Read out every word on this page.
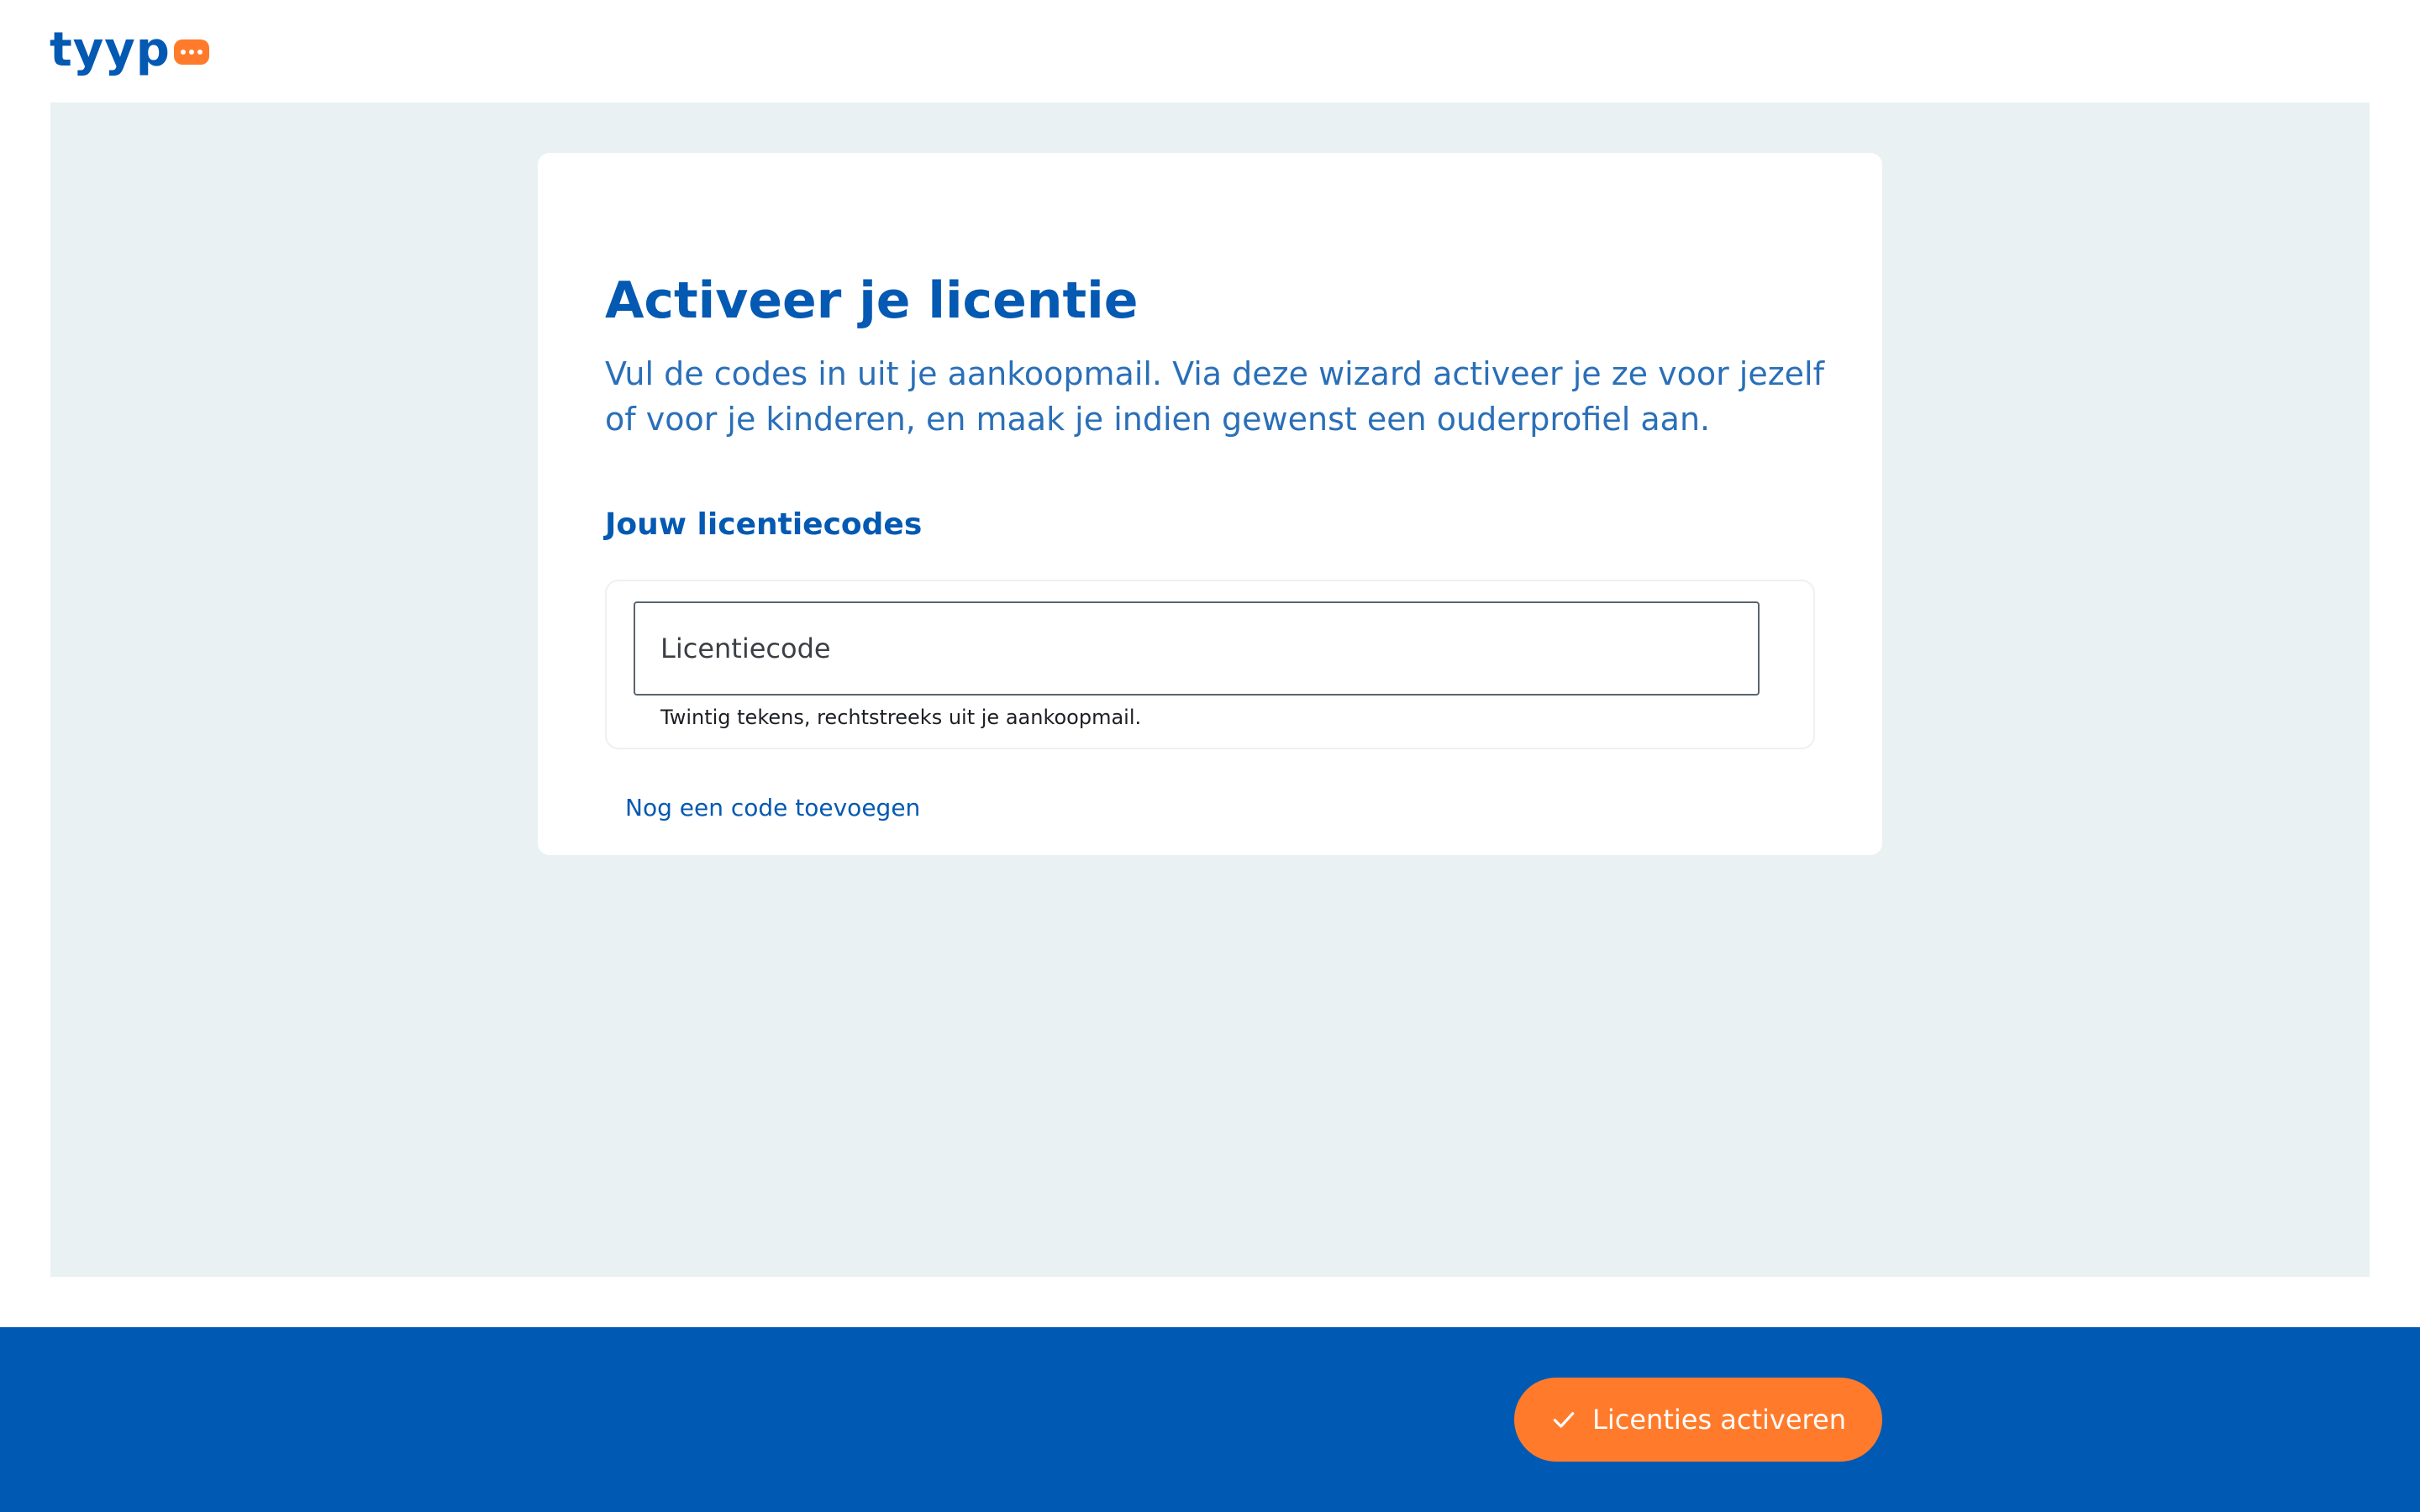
tyyp
Activeer je licentie

Vul de codes in uit je aankoopmail. Via deze wizard activeer je ze voor jezelf of voor je kinderen, en maak je indien gewenst een ouderprofiel aan.

Jouw licentiecodes
Licentiecode
Twintig tekens, rechtstreeks uit je aankoopmail.
Nog een code toevoegen
Licenties activeren
